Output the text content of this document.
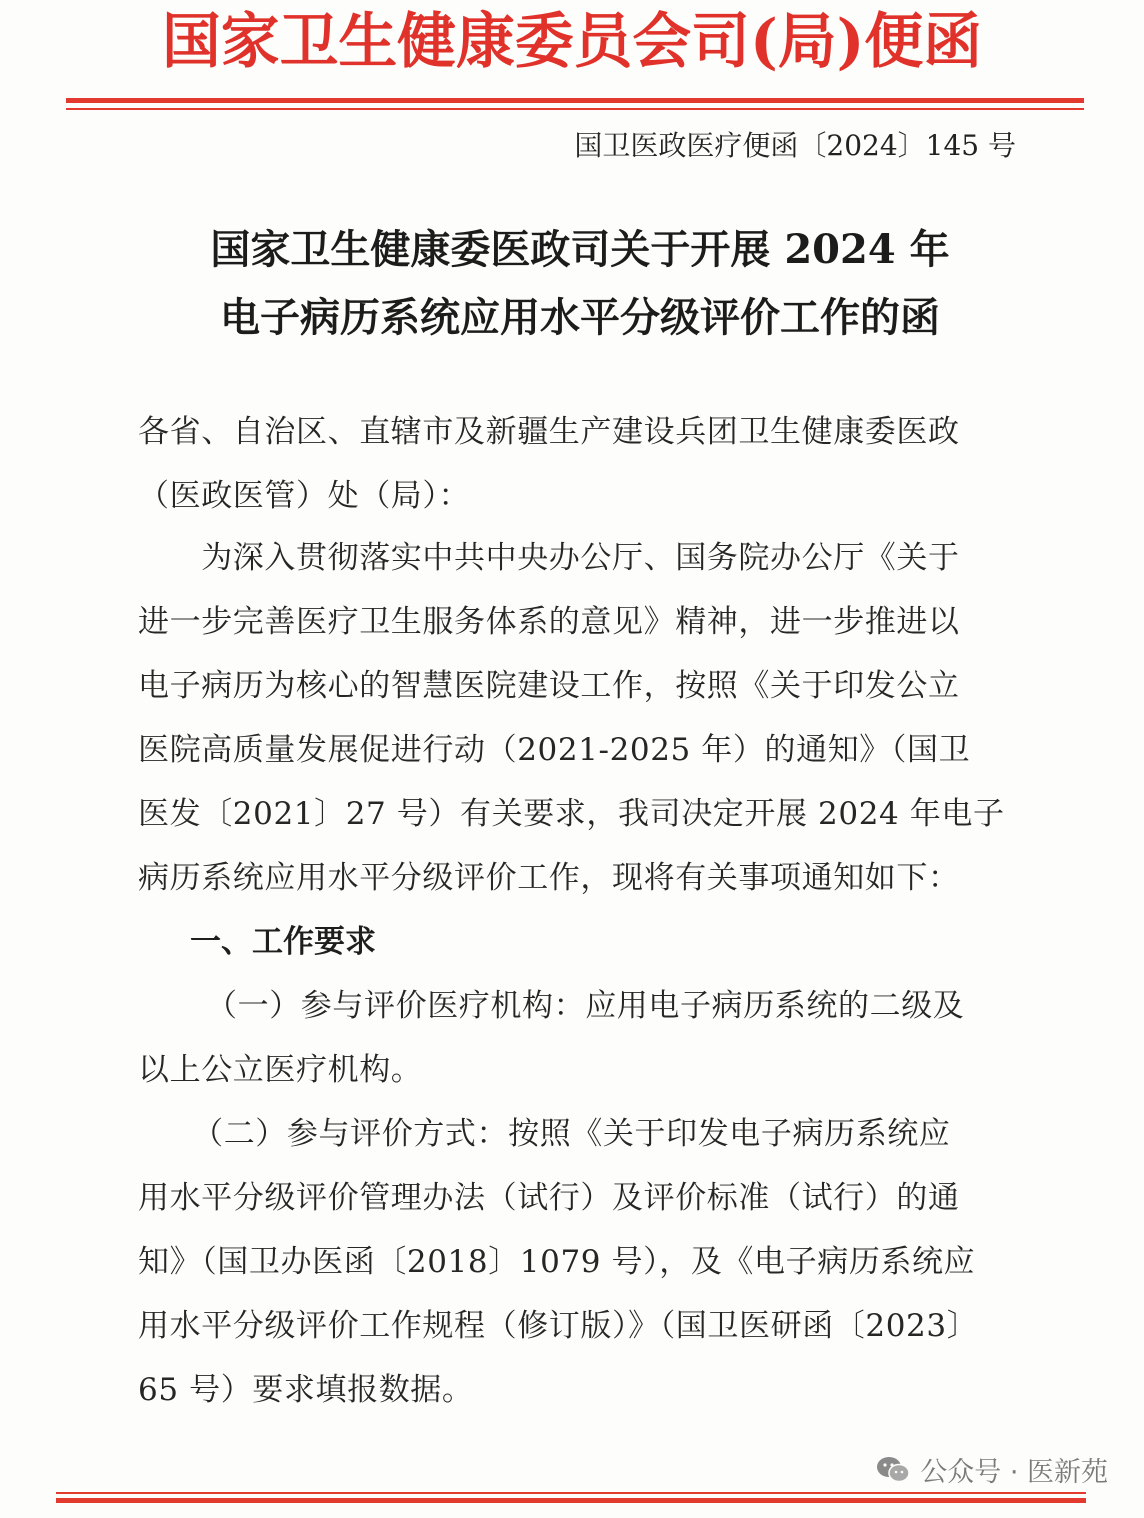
国家卫生健康委员会司(局)便函
国卫医政医疗便函〔2024〕145 号
国家卫生健康委医政司关于开展 2024 年
电子病历系统应用水平分级评价工作的函
各省、自治区、直辖市及新疆生产建设兵团卫生健康委医政
（医政医管）处（局）：
　　为深入贯彻落实中共中央办公厅、国务院办公厅《关于
进一步完善医疗卫生服务体系的意见》精神，进一步推进以
电子病历为核心的智慧医院建设工作，按照《关于印发公立
医院高质量发展促进行动（2021-2025 年）的通知》（国卫
医发〔2021〕27 号）有关要求，我司决定开展 2024 年电子
病历系统应用水平分级评价工作，现将有关事项通知如下：
一、工作要求
（一）参与评价医疗机构：应用电子病历系统的二级及
以上公立医疗机构。
　（二）参与评价方式：按照《关于印发电子病历系统应
用水平分级评价管理办法（试行）及评价标准（试行）的通
知》（国卫办医函〔2018〕1079 号），及《电子病历系统应
用水平分级评价工作规程（修订版）》（国卫医研函〔2023〕
65 号）要求填报数据。
公众号 · 医新苑
